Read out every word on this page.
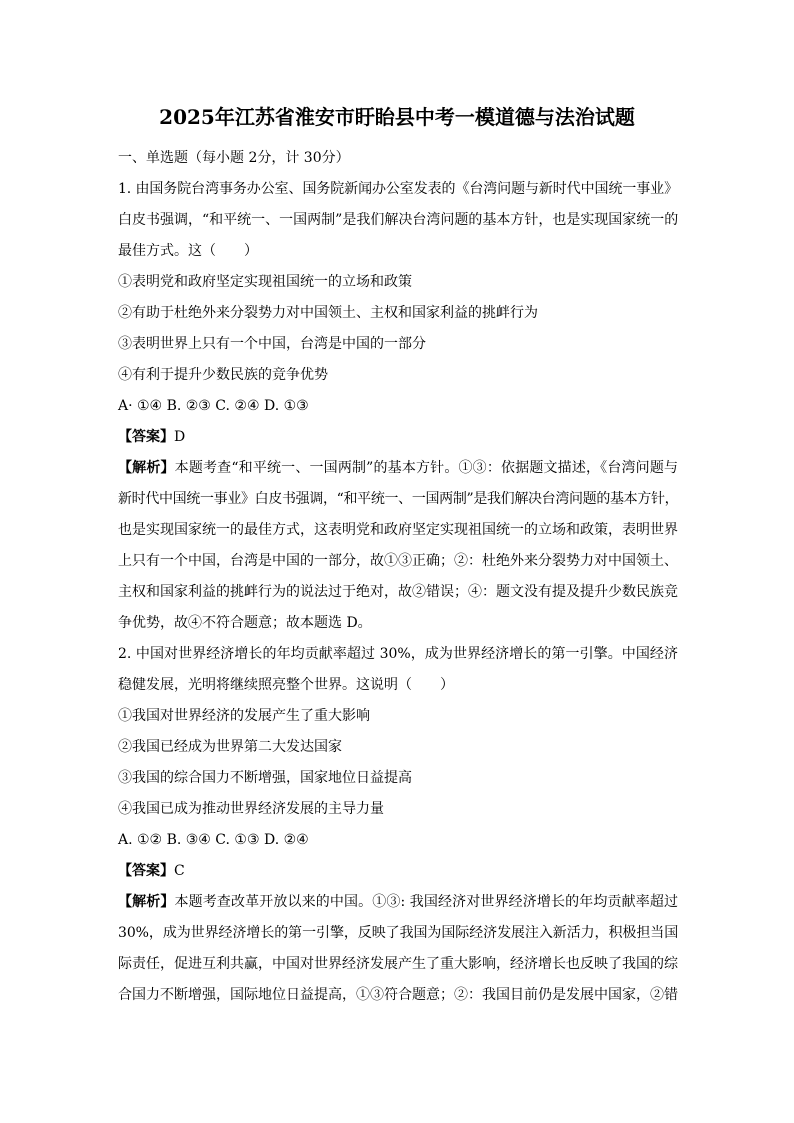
2025年江苏省淮安市盱眙县中考一模道德与法治试题
一、单选题（每小题 2分，计 30分）
1. 由国务院台湾事务办公室、国务院新闻办公室发表的《台湾问题与新时代中国统一事业》
白皮书强调，“和平统一、一国两制”是我们解决台湾问题的基本方针，也是实现国家统一的
最佳方式。这（　　）
①表明党和政府坚定实现祖国统一的立场和政策
②有助于杜绝外来分裂势力对中国领土、主权和国家利益的挑衅行为
③表明世界上只有一个中国，台湾是中国的一部分
④有利于提升少数民族的竞争优势
A· ①④ B. ②③ C. ②④ D. ①③
【答案】D
【解析】本题考查“和平统一、一国两制”的基本方针。①③：依据题文描述，《台湾问题与
新时代中国统一事业》白皮书强调，“和平统一、一国两制”是我们解决台湾问题的基本方针，
也是实现国家统一的最佳方式，这表明党和政府坚定实现祖国统一的立场和政策，表明世界
上只有一个中国，台湾是中国的一部分，故①③正确；②：杜绝外来分裂势力对中国领土、
主权和国家利益的挑衅行为的说法过于绝对，故②错误；④：题文没有提及提升少数民族竞
争优势，故④不符合题意；故本题选 D。
2. 中国对世界经济增长的年均贡献率超过 30%，成为世界经济增长的第一引擎。中国经济
稳健发展，光明将继续照亮整个世界。这说明（　　）
①我国对世界经济的发展产生了重大影响
②我国已经成为世界第二大发达国家
③我国的综合国力不断增强，国家地位日益提高
④我国已成为推动世界经济发展的主导力量
A. ①② B. ③④ C. ①③ D. ②④
【答案】C
【解析】本题考查改革开放以来的中国。①③: 我国经济对世界经济增长的年均贡献率超过
30%，成为世界经济增长的第一引擎，反映了我国为国际经济发展注入新活力，积极担当国
际责任，促进互利共赢，中国对世界经济发展产生了重大影响，经济增长也反映了我国的综
合国力不断增强，国际地位日益提高，①③符合题意；②：我国目前仍是发展中国家，②错
